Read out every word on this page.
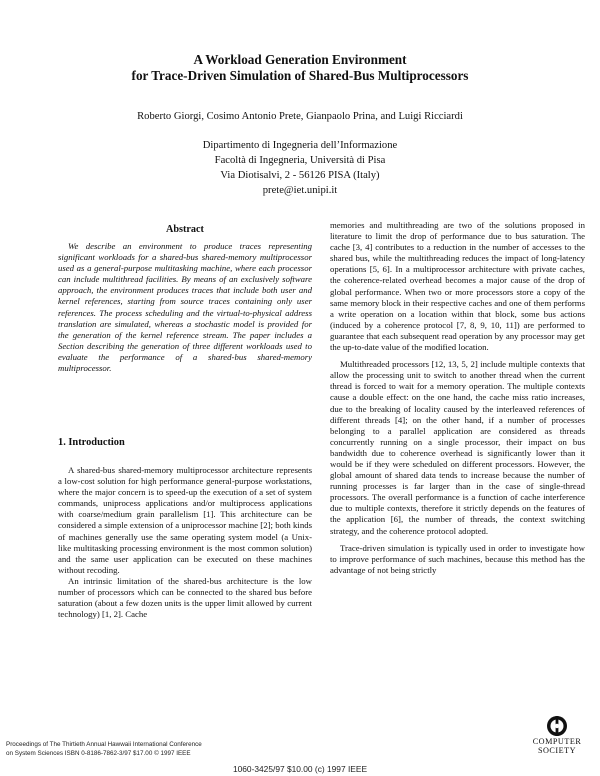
A Workload Generation Environment
for Trace-Driven Simulation of Shared-Bus Multiprocessors
Roberto Giorgi, Cosimo Antonio Prete, Gianpaolo Prina, and Luigi Ricciardi
Dipartimento di Ingegneria dell’Informazione
Facoltà di Ingegneria, Università di Pisa
Via Diotisalvi, 2 - 56126 PISA (Italy)
prete@iet.unipi.it
Abstract
We describe an environment to produce traces representing significant workloads for a shared-bus shared-memory multiprocessor used as a general-purpose multitasking machine, where each processor can include multithread facilities. By means of an exclusively software approach, the environment produces traces that include both user and kernel references, starting from source traces containing only user references. The process scheduling and the virtual-to-physical address translation are simulated, whereas a stochastic model is provided for the generation of the kernel reference stream. The paper includes a Section describing the generation of three different workloads used to evaluate the performance of a shared-bus shared-memory multiprocessor.
1. Introduction

A shared-bus shared-memory multiprocessor architecture represents a low-cost solution for high performance general-purpose workstations, where the major concern is to speed-up the execution of a set of system commands, uniprocess applications and/or multiprocess applications with coarse/medium grain parallelism [1]. This architecture can be considered a simple extension of a uniprocessor machine [2]; both kinds of machines generally use the same operating system model (a Unix-like multitasking processing environment is the most common solution) and the same user application can be executed on these machines without recoding.

An intrinsic limitation of the shared-bus architecture is the low number of processors which can be connected to the shared bus before saturation (about a few dozen units is the upper limit allowed by current technology) [1, 2]. Cache

memories and multithreading are two of the solutions proposed in literature to limit the drop of performance due to bus saturation. The cache [3, 4] contributes to a reduction in the number of accesses to the shared bus, while the multithreading reduces the impact of long-latency operations [5, 6]. In a multiprocessor architecture with private caches, the coherence-related overhead becomes a major cause of the drop of global performance. When two or more processors store a copy of the same memory block in their respective caches and one of them performs a write operation on a location within that block, some bus actions (induced by a coherence protocol [7, 8, 9, 10, 11]) are performed to guarantee that each subsequent read operation by any processor may get the up-to-date value of the modified location.

Multithreaded processors [12, 13, 5, 2] include multiple contexts that allow the processing unit to switch to another thread when the current thread is forced to wait for a memory operation. The multiple contexts cause a double effect: on the one hand, the cache miss ratio increases, due to the breaking of locality caused by the interleaved references of different threads [4]; on the other hand, if a number of processes belonging to a parallel application are considered as threads concurrently running on a single processor, their impact on bus bandwidth due to coherence overhead is significantly lower than it would be if they were scheduled on different processors. However, the global amount of shared data tends to increase because the number of running processes is far larger than in the case of single-thread processors. The overall performance is a function of cache interference due to multiple contexts, therefore it strictly depends on the features of the application [6], the number of threads, the context switching strategy, and the coherence protocol adopted.

Trace-driven simulation is typically used in order to investigate how to improve performance of such machines, because this method has the advantage of not being strictly

Proceedings of The Thirtieth Annual Hawwaii International Conference
on System Sciences ISBN 0-8186-7862-3/97 $17.00 © 1997 IEEE
COMPUTER
SOCIETY
1060-3425/97 $10.00 (c) 1997 IEEE
